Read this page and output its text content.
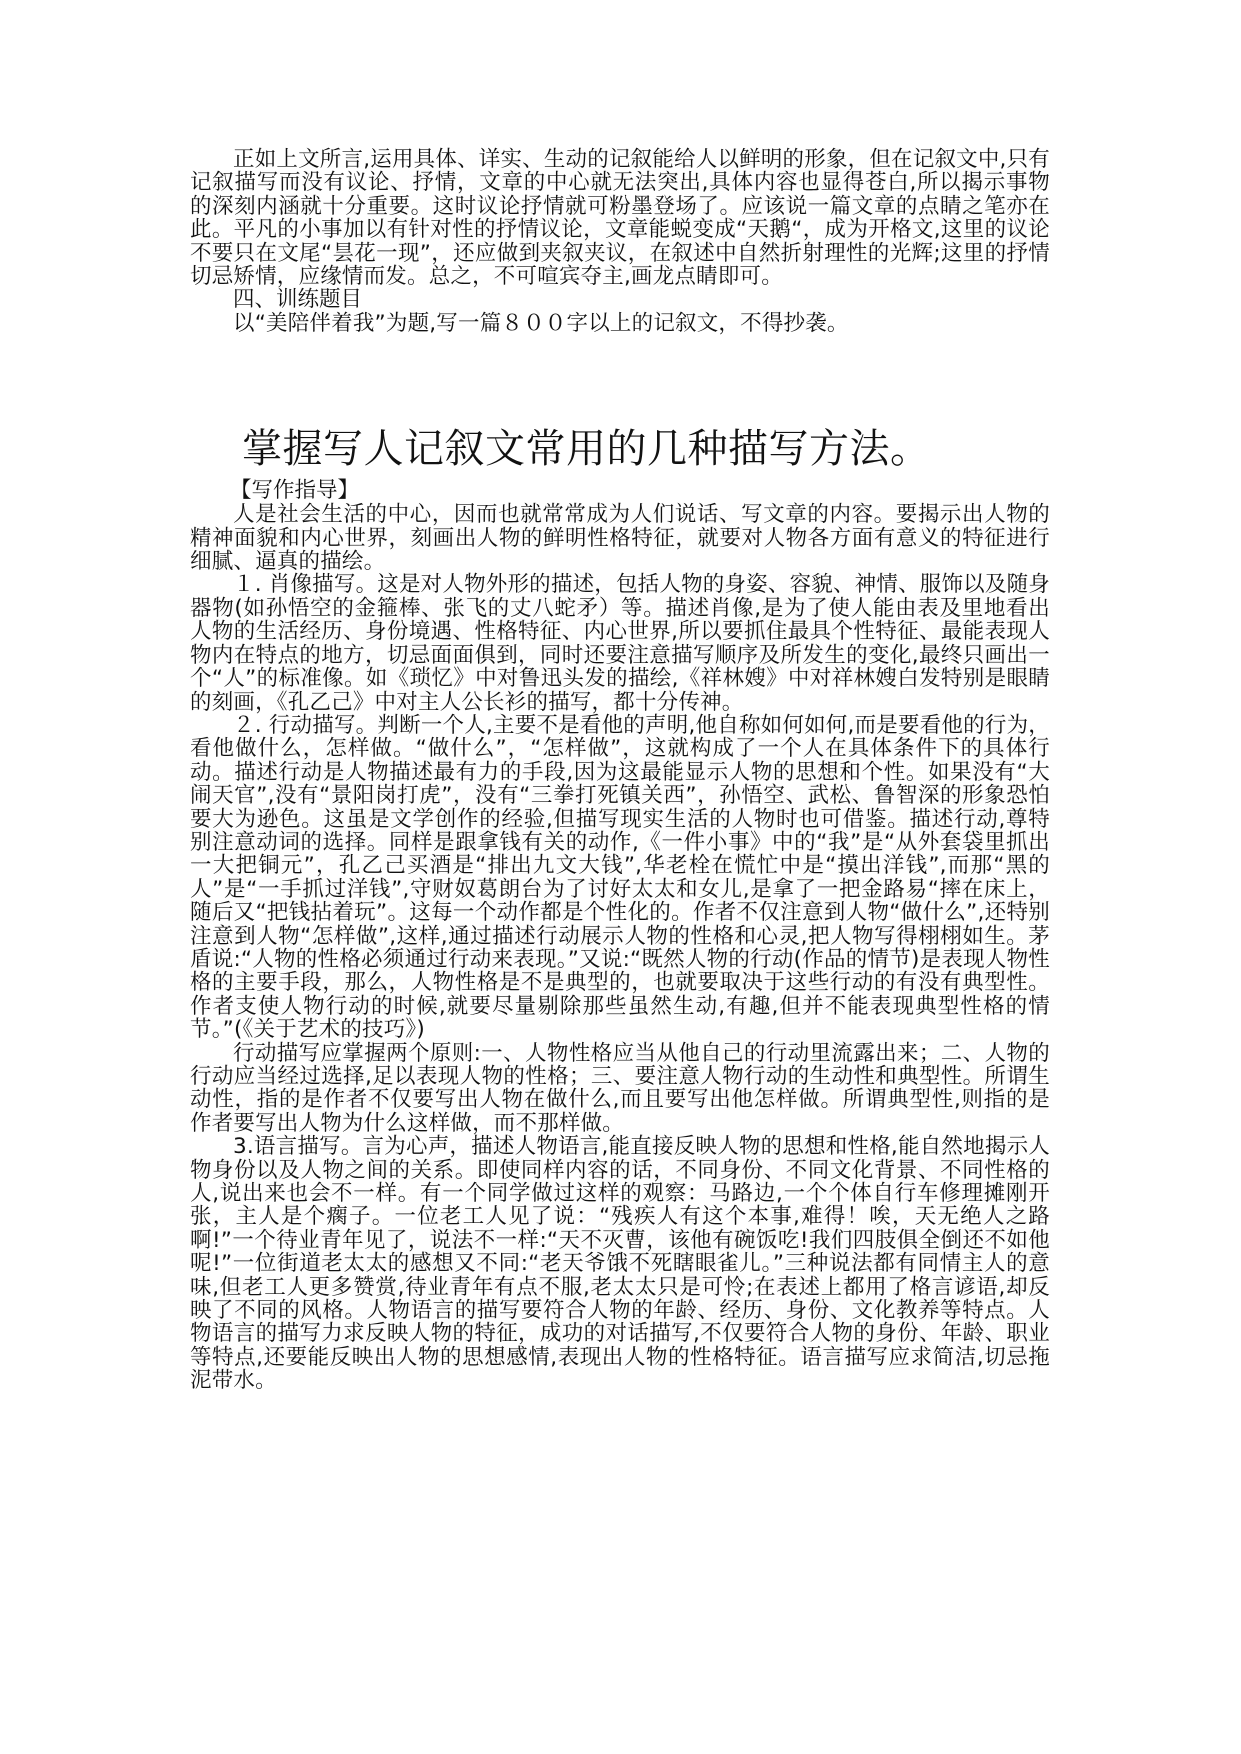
正如上文所言,运用具体、详实、生动的记叙能给人以鲜明的形象，但在记叙文中,只有记叙描写而没有议论、抒情，文章的中心就无法突出,具体内容也显得苍白,所以揭示事物的深刻内涵就十分重要。这时议论抒情就可粉墨登场了。应该说一篇文章的点睛之笔亦在此。平凡的小事加以有针对性的抒情议论，文章能蜕变成“天鹅“，成为开格文,这里的议论不要只在文尾“昙花一现”，还应做到夹叙夹议，在叙述中自然折射理性的光辉;这里的抒情切忌矫情，应缘情而发。总之，不可喧宾夺主,画龙点睛即可。

四、训练题目

以“美陪伴着我”为题,写一篇８００字以上的记叙文，不得抄袭。

掌握写人记叙文常用的几种描写方法。

【写作指导】

人是社会生活的中心，因而也就常常成为人们说话、写文章的内容。要揭示出人物的精神面貌和内心世界，刻画出人物的鲜明性格特征，就要对人物各方面有意义的特征进行细腻、逼真的描绘。

１. 肖像描写。这是对人物外形的描述，包括人物的身姿、容貌、神情、服饰以及随身器物(如孙悟空的金箍棒、张飞的丈八蛇矛）等。描述肖像,是为了使人能由表及里地看出人物的生活经历、身份境遇、性格特征、内心世界,所以要抓住最具个性特征、最能表现人物内在特点的地方，切忌面面俱到，同时还要注意描写顺序及所发生的变化,最终只画出一个“人”的标准像。如《琐忆》中对鲁迅头发的描绘,《祥林嫂》中对祥林嫂白发特别是眼睛的刻画，《孔乙己》中对主人公长衫的描写，都十分传神。

２. 行动描写。判断一个人,主要不是看他的声明,他自称如何如何,而是要看他的行为，看他做什么，怎样做。“做什么”，“怎样做”，这就构成了一个人在具体条件下的具体行动。描述行动是人物描述最有力的手段,因为这最能显示人物的思想和个性。如果没有“大闹天官”,没有“景阳岗打虎”，没有“三拳打死镇关西”，孙悟空、武松、鲁智深的形象恐怕要大为逊色。这虽是文学创作的经验,但描写现实生活的人物时也可借鉴。描述行动,尊特别注意动词的选择。同样是跟拿钱有关的动作,《一件小事》中的“我”是“从外套袋里抓出一大把铜元”，孔乙己买酒是“排出九文大钱”,华老栓在慌忙中是“摸出洋钱”,而那“黑的人”是“一手抓过洋钱”,守财奴葛朗台为了讨好太太和女儿,是拿了一把金路易“摔在床上，随后又“把钱拈着玩”。这每一个动作都是个性化的。作者不仅注意到人物“做什么”,还特别注意到人物“怎样做”,这样,通过描述行动展示人物的性格和心灵,把人物写得栩栩如生。茅盾说:“人物的性格必须通过行动来表现。”又说:“既然人物的行动(作品的情节)是表现人物性格的主要手段，那么，人物性格是不是典型的，也就要取决于这些行动的有没有典型性。作者支使人物行动的时候,就要尽量剔除那些虽然生动,有趣,但并不能表现典型性格的情节。”(《关于艺术的技巧》)

行动描写应掌握两个原则:一、人物性格应当从他自己的行动里流露出来；二、人物的行动应当经过选择,足以表现人物的性格；三、要注意人物行动的生动性和典型性。所谓生动性，指的是作者不仅要写出人物在做什么,而且要写出他怎样做。所谓典型性,则指的是作者要写出人物为什么这样做，而不那样做。

3.语言描写。言为心声，描述人物语言,能直接反映人物的思想和性格,能自然地揭示人物身份以及人物之间的关系。即使同样内容的话，不同身份、不同文化背景、不同性格的人,说出来也会不一样。有一个同学做过这样的观察：马路边,一个个体自行车修理摊刚开张，主人是个瘸子。一位老工人见了说：“残疾人有这个本事,难得！唉，天无绝人之路啊!”一个待业青年见了，说法不一样:“天不灭曹，该他有碗饭吃!我们四肢俱全倒还不如他呢!”一位街道老太太的感想又不同:“老天爷饿不死瞎眼雀儿。”三种说法都有同情主人的意味,但老工人更多赞赏,待业青年有点不服,老太太只是可怜;在表述上都用了格言谚语,却反映了不同的风格。人物语言的描写要符合人物的年龄、经历、身份、文化教养等特点。人物语言的描写力求反映人物的特征，成功的对话描写,不仅要符合人物的身份、年龄、职业等特点,还要能反映出人物的思想感情,表现出人物的性格特征。语言描写应求简洁,切忌拖泥带水。
